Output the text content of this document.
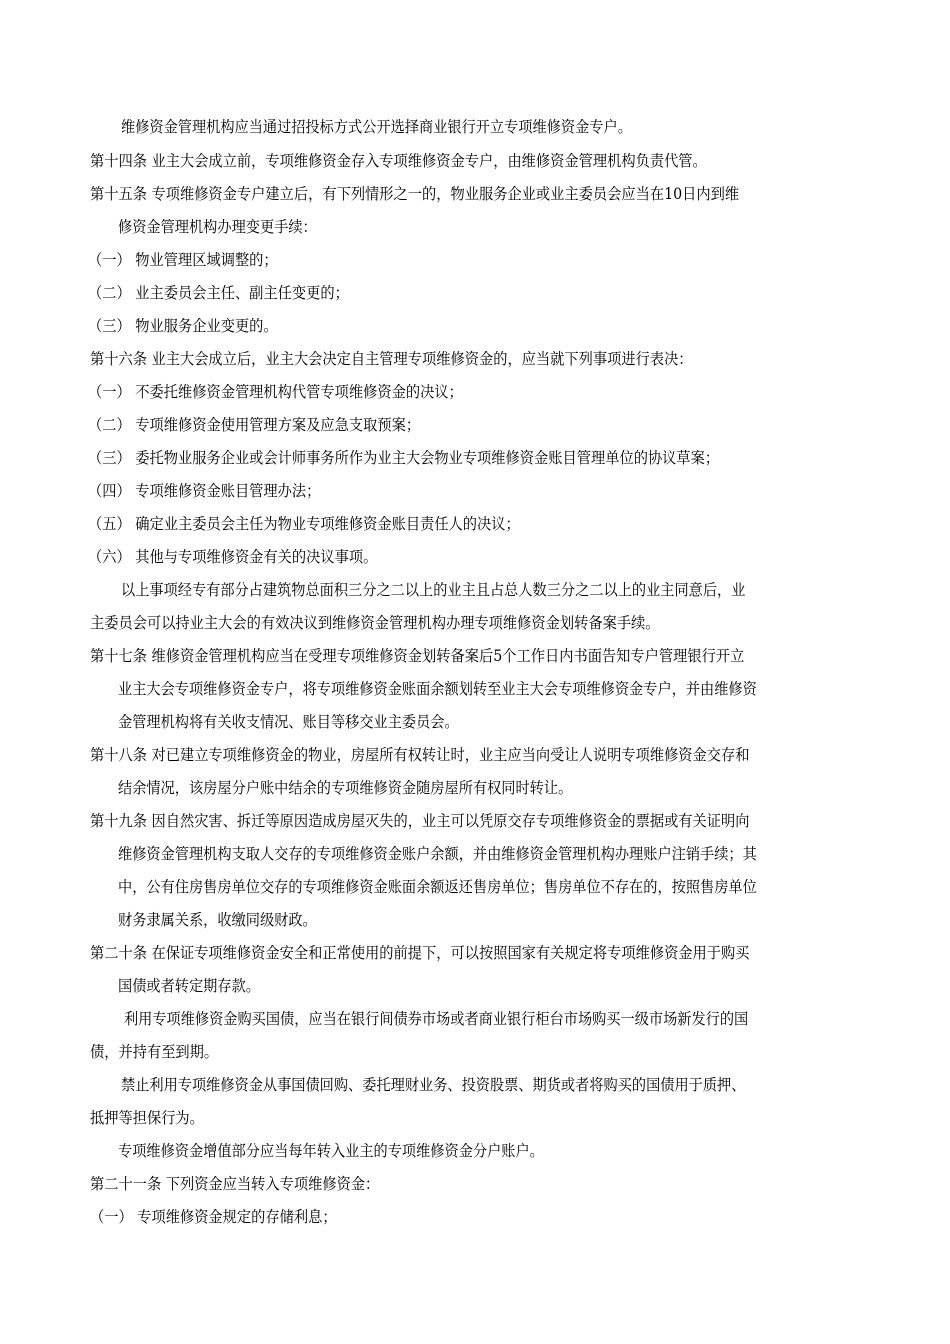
维修资金管理机构应当通过招投标方式公开选择商业银行开立专项维修资金专户。
第十四条 业主大会成立前，专项维修资金存入专项维修资金专户，由维修资金管理机构负责代管。
第十五条 专项维修资金专户建立后，有下列情形之一的，物业服务企业或业主委员会应当在10日内到维
修资金管理机构办理变更手续：
（一） 物业管理区域调整的；
（二） 业主委员会主任、副主任变更的；
（三） 物业服务企业变更的。
第十六条 业主大会成立后，业主大会决定自主管理专项维修资金的，应当就下列事项进行表决：
（一） 不委托维修资金管理机构代管专项维修资金的决议；
（二） 专项维修资金使用管理方案及应急支取预案；
（三） 委托物业服务企业或会计师事务所作为业主大会物业专项维修资金账目管理单位的协议草案；
（四） 专项维修资金账目管理办法；
（五） 确定业主委员会主任为物业专项维修资金账目责任人的决议；
（六） 其他与专项维修资金有关的决议事项。
以上事项经专有部分占建筑物总面积三分之二以上的业主且占总人数三分之二以上的业主同意后，业
主委员会可以持业主大会的有效决议到维修资金管理机构办理专项维修资金划转备案手续。
第十七条 维修资金管理机构应当在受理专项维修资金划转备案后5个工作日内书面告知专户管理银行开立
业主大会专项维修资金专户，将专项维修资金账面余额划转至业主大会专项维修资金专户，并由维修资
金管理机构将有关收支情况、账目等移交业主委员会。
第十八条 对已建立专项维修资金的物业，房屋所有权转让时，业主应当向受让人说明专项维修资金交存和
结余情况，该房屋分户账中结余的专项维修资金随房屋所有权同时转让。
第十九条 因自然灾害、拆迁等原因造成房屋灭失的，业主可以凭原交存专项维修资金的票据或有关证明向
维修资金管理机构支取人交存的专项维修资金账户余额，并由维修资金管理机构办理账户注销手续；其
中，公有住房售房单位交存的专项维修资金账面余额返还售房单位；售房单位不存在的，按照售房单位
财务隶属关系，收缴同级财政。
第二十条 在保证专项维修资金安全和正常使用的前提下，可以按照国家有关规定将专项维修资金用于购买
国债或者转定期存款。
利用专项维修资金购买国债，应当在银行间债券市场或者商业银行柜台市场购买一级市场新发行的国
债，并持有至到期。
禁止利用专项维修资金从事国债回购、委托理财业务、投资股票、期货或者将购买的国债用于质押、
抵押等担保行为。
专项维修资金增值部分应当每年转入业主的专项维修资金分户账户。
第二十一条 下列资金应当转入专项维修资金：
（一） 专项维修资金规定的存储利息；
